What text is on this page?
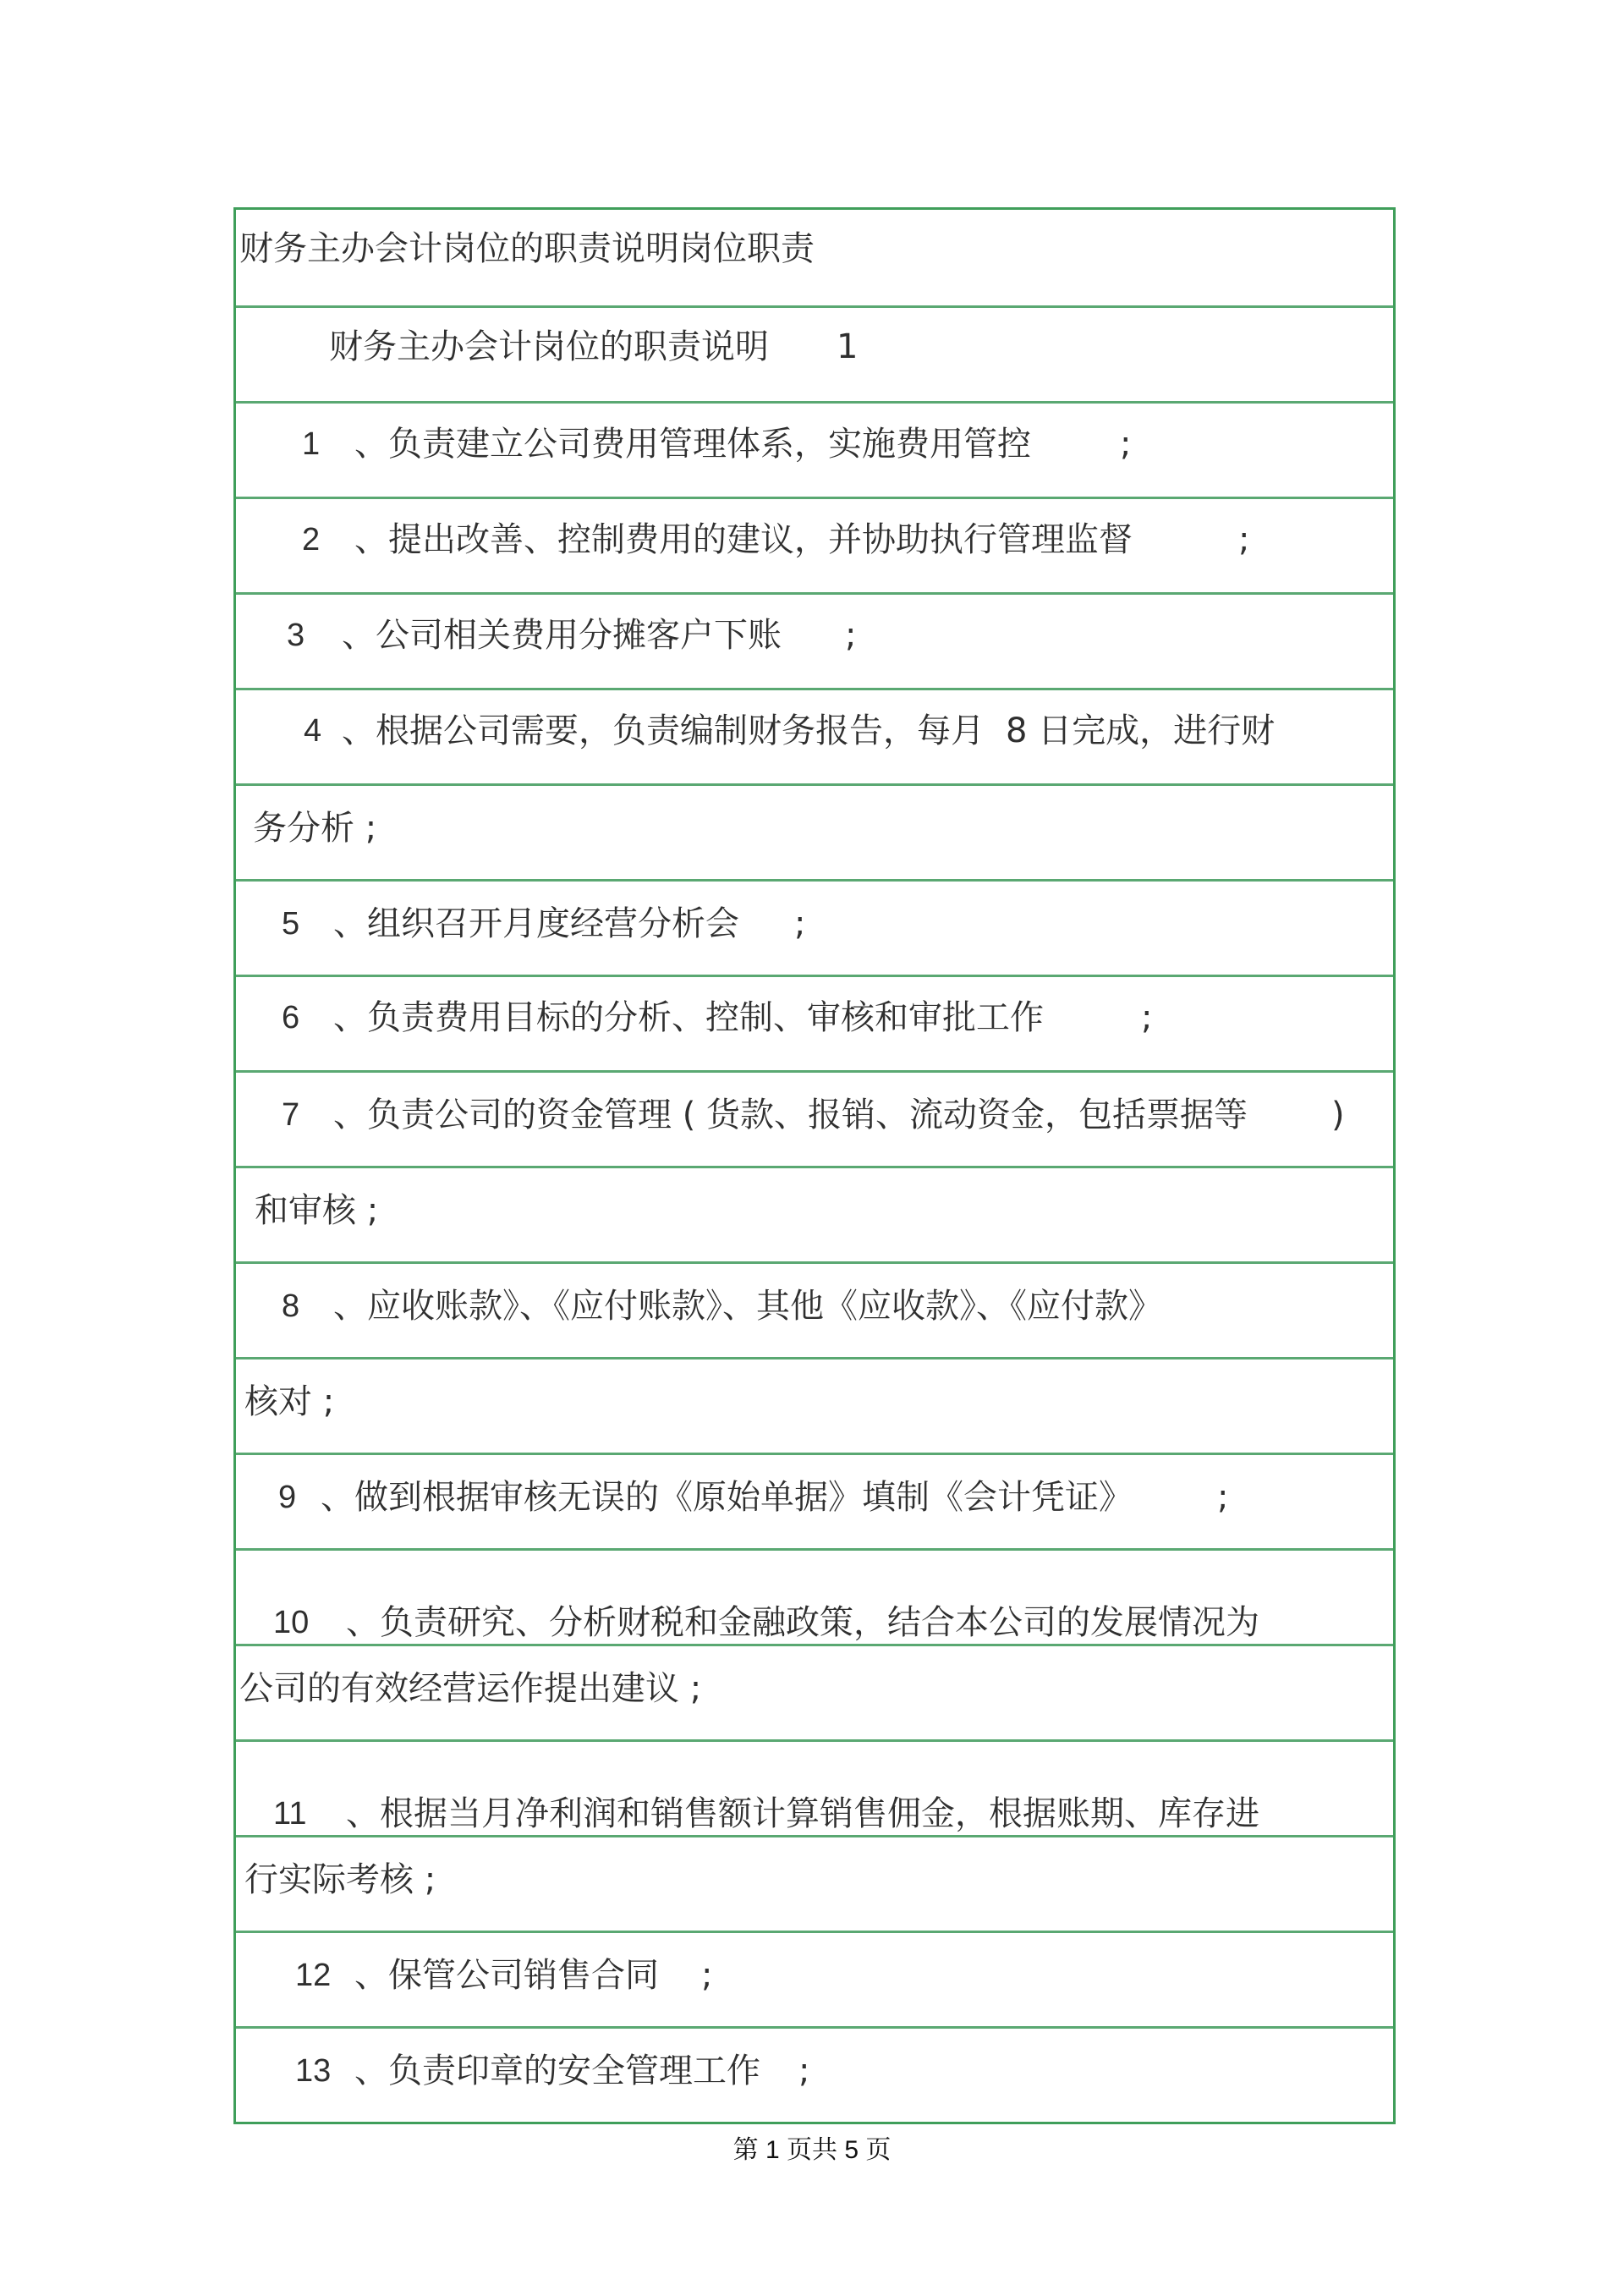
财务主办会计岗位的职责说明岗位职责
财务主办会计岗位的职责说明 1
1 、负责建立公司费用管理体系，实施费用管控	;
2 、提出改善、控制费用的建议，并协助执行管理监督	;
3 、公司相关费用分摊客户下账 ;
4 、根据公司需要，负责编制财务报告，每月 8 日完成，进行财
务分析 ;
5 、组织召开月度经营分析会 ;
6 、负责费用目标的分析、控制、审核和审批工作	;
7 、负责公司的资金管理 ( 货款、报销、流动资金，包括票据等 )
和审核 ;
8 、应收账款》、《应付账款》、其他《应收款》、《应付款》
核对 ;
9 、做到根据审核无误的《原始单据》填制《会计凭证》	;
10 、负责研究、分析财税和金融政策，结合本公司的发展情况为
公司的有效经营运作提出建议 ;
11 、根据当月净利润和销售额计算销售佣金，根据账期、库存进
行实际考核 ;
12 、保管公司销售合同 ;
13 、负责印章的安全管理工作 ;
第 1 页共 5 页
